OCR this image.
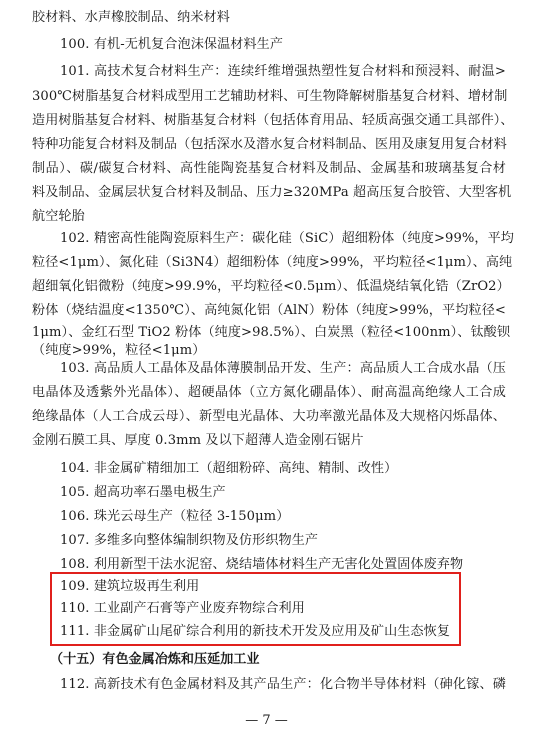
胶材料、水声橡胶制品、纳米材料
100. 有机-无机复合泡沫保温材料生产
101. 高技术复合材料生产：连续纤维增强热塑性复合材料和预浸料、耐温>
300℃树脂基复合材料成型用工艺辅助材料、可生物降解树脂基复合材料、增材制
造用树脂基复合材料、树脂基复合材料（包括体育用品、轻质高强交通工具部件）、
特种功能复合材料及制品（包括深水及潜水复合材料制品、医用及康复用复合材料
制品）、碳/碳复合材料、高性能陶瓷基复合材料及制品、金属基和玻璃基复合材
料及制品、金属层状复合材料及制品、压力≥320MPa 超高压复合胶管、大型客机
航空轮胎
102. 精密高性能陶瓷原料生产：碳化硅（SiC）超细粉体（纯度>99%，平均
粒径<1μm）、氮化硅（Si3N4）超细粉体（纯度>99%，平均粒径<1μm）、高纯
超细氧化铝微粉（纯度>99.9%，平均粒径<0.5μm）、低温烧结氧化锆（ZrO2）
粉体（烧结温度<1350℃）、高纯氮化铝（AlN）粉体（纯度>99%，平均粒径<
1μm）、金红石型 TiO2 粉体（纯度>98.5%）、白炭黑（粒径<100nm）、钛酸钡
（纯度>99%，粒径<1μm）
103. 高品质人工晶体及晶体薄膜制品开发、生产：高品质人工合成水晶（压
电晶体及透紫外光晶体）、超硬晶体（立方氮化硼晶体）、耐高温高绝缘人工合成
绝缘晶体（人工合成云母）、新型电光晶体、大功率激光晶体及大规格闪烁晶体、
金刚石膜工具、厚度 0.3mm 及以下超薄人造金刚石锯片
104. 非金属矿精细加工（超细粉碎、高纯、精制、改性）
105. 超高功率石墨电极生产
106. 珠光云母生产（粒径 3-150μm）
107. 多维多向整体编制织物及仿形织物生产
108. 利用新型干法水泥窑、烧结墙体材料生产无害化处置固体废弃物
109. 建筑垃圾再生利用
110. 工业副产石膏等产业废弃物综合利用
111. 非金属矿山尾矿综合利用的新技术开发及应用及矿山生态恢复
（十五）有色金属冶炼和压延加工业
112. 高新技术有色金属材料及其产品生产：化合物半导体材料（砷化镓、磷
— 7 —
